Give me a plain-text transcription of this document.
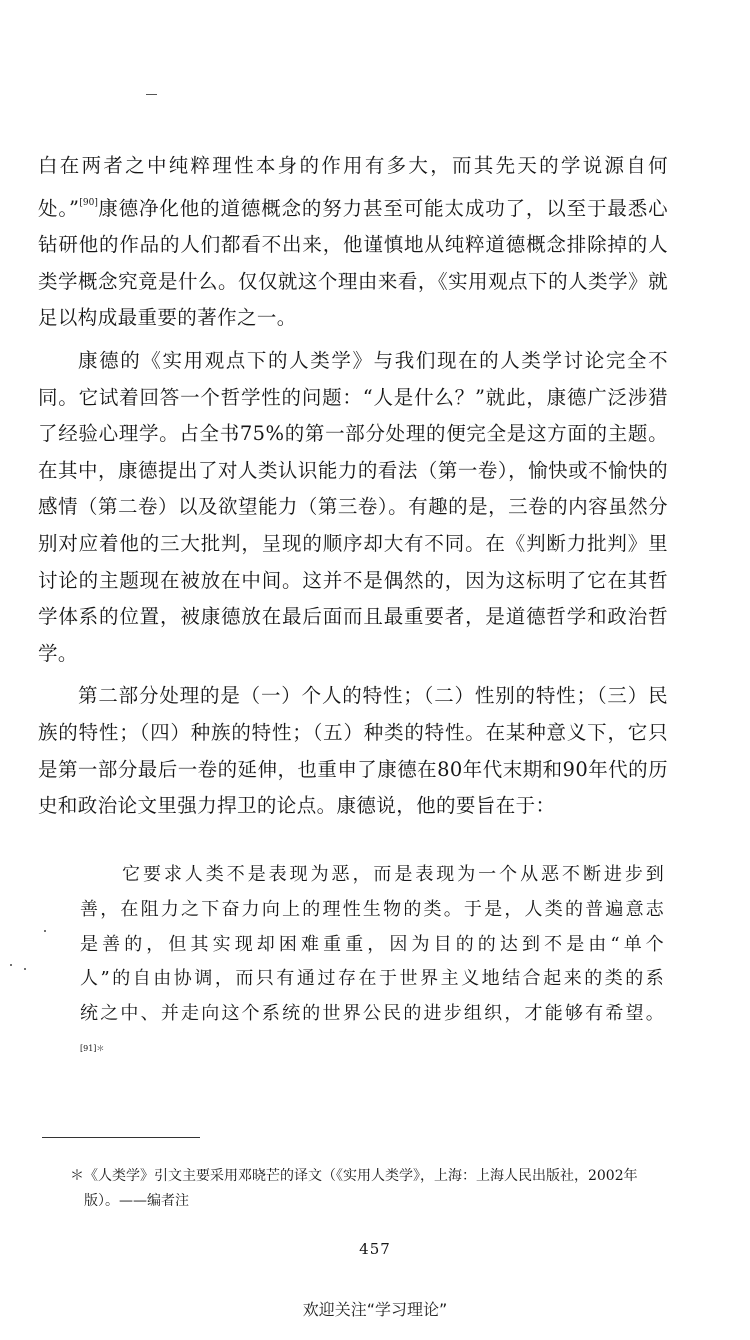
白在两者之中纯粹理性本身的作用有多大，而其先天的学说源自何处。”[90]康德净化他的道德概念的努力甚至可能太成功了，以至于最悉心钻研他的作品的人们都看不出来，他谨慎地从纯粹道德概念排除掉的人类学概念究竟是什么。仅仅就这个理由来看，《实用观点下的人类学》就足以构成最重要的著作之一。

康德的《实用观点下的人类学》与我们现在的人类学讨论完全不同。它试着回答一个哲学性的问题：“人是什么？”就此，康德广泛涉猎了经验心理学。占全书75%的第一部分处理的便完全是这方面的主题。在其中，康德提出了对人类认识能力的看法（第一卷），愉快或不愉快的感情（第二卷）以及欲望能力（第三卷）。有趣的是，三卷的内容虽然分别对应着他的三大批判，呈现的顺序却大有不同。在《判断力批判》里讨论的主题现在被放在中间。这并不是偶然的，因为这标明了它在其哲学体系的位置，被康德放在最后面而且最重要者，是道德哲学和政治哲学。

第二部分处理的是（一）个人的特性；（二）性别的特性；（三）民族的特性；（四）种族的特性；（五）种类的特性。在某种意义下，它只是第一部分最后一卷的延伸，也重申了康德在80年代末期和90年代的历史和政治论文里强力捍卫的论点。康德说，他的要旨在于：

它要求人类不是表现为恶，而是表现为一个从恶不断进步到善，在阻力之下奋力向上的理性生物的类。于是，人类的普遍意志是善的，但其实现却困难重重，因为目的的达到不是由“单个人”的自由协调，而只有通过存在于世界主义地结合起来的类的系统之中、并走向这个系统的世界公民的进步组织，才能够有希望。$^{[91]*}$

＊ 《人类学》引文主要采用邓晓芒的译文（《实用人类学》，上海：上海人民出版社，2002年版）。——编者注
457
欢迎关注“学习理论”
